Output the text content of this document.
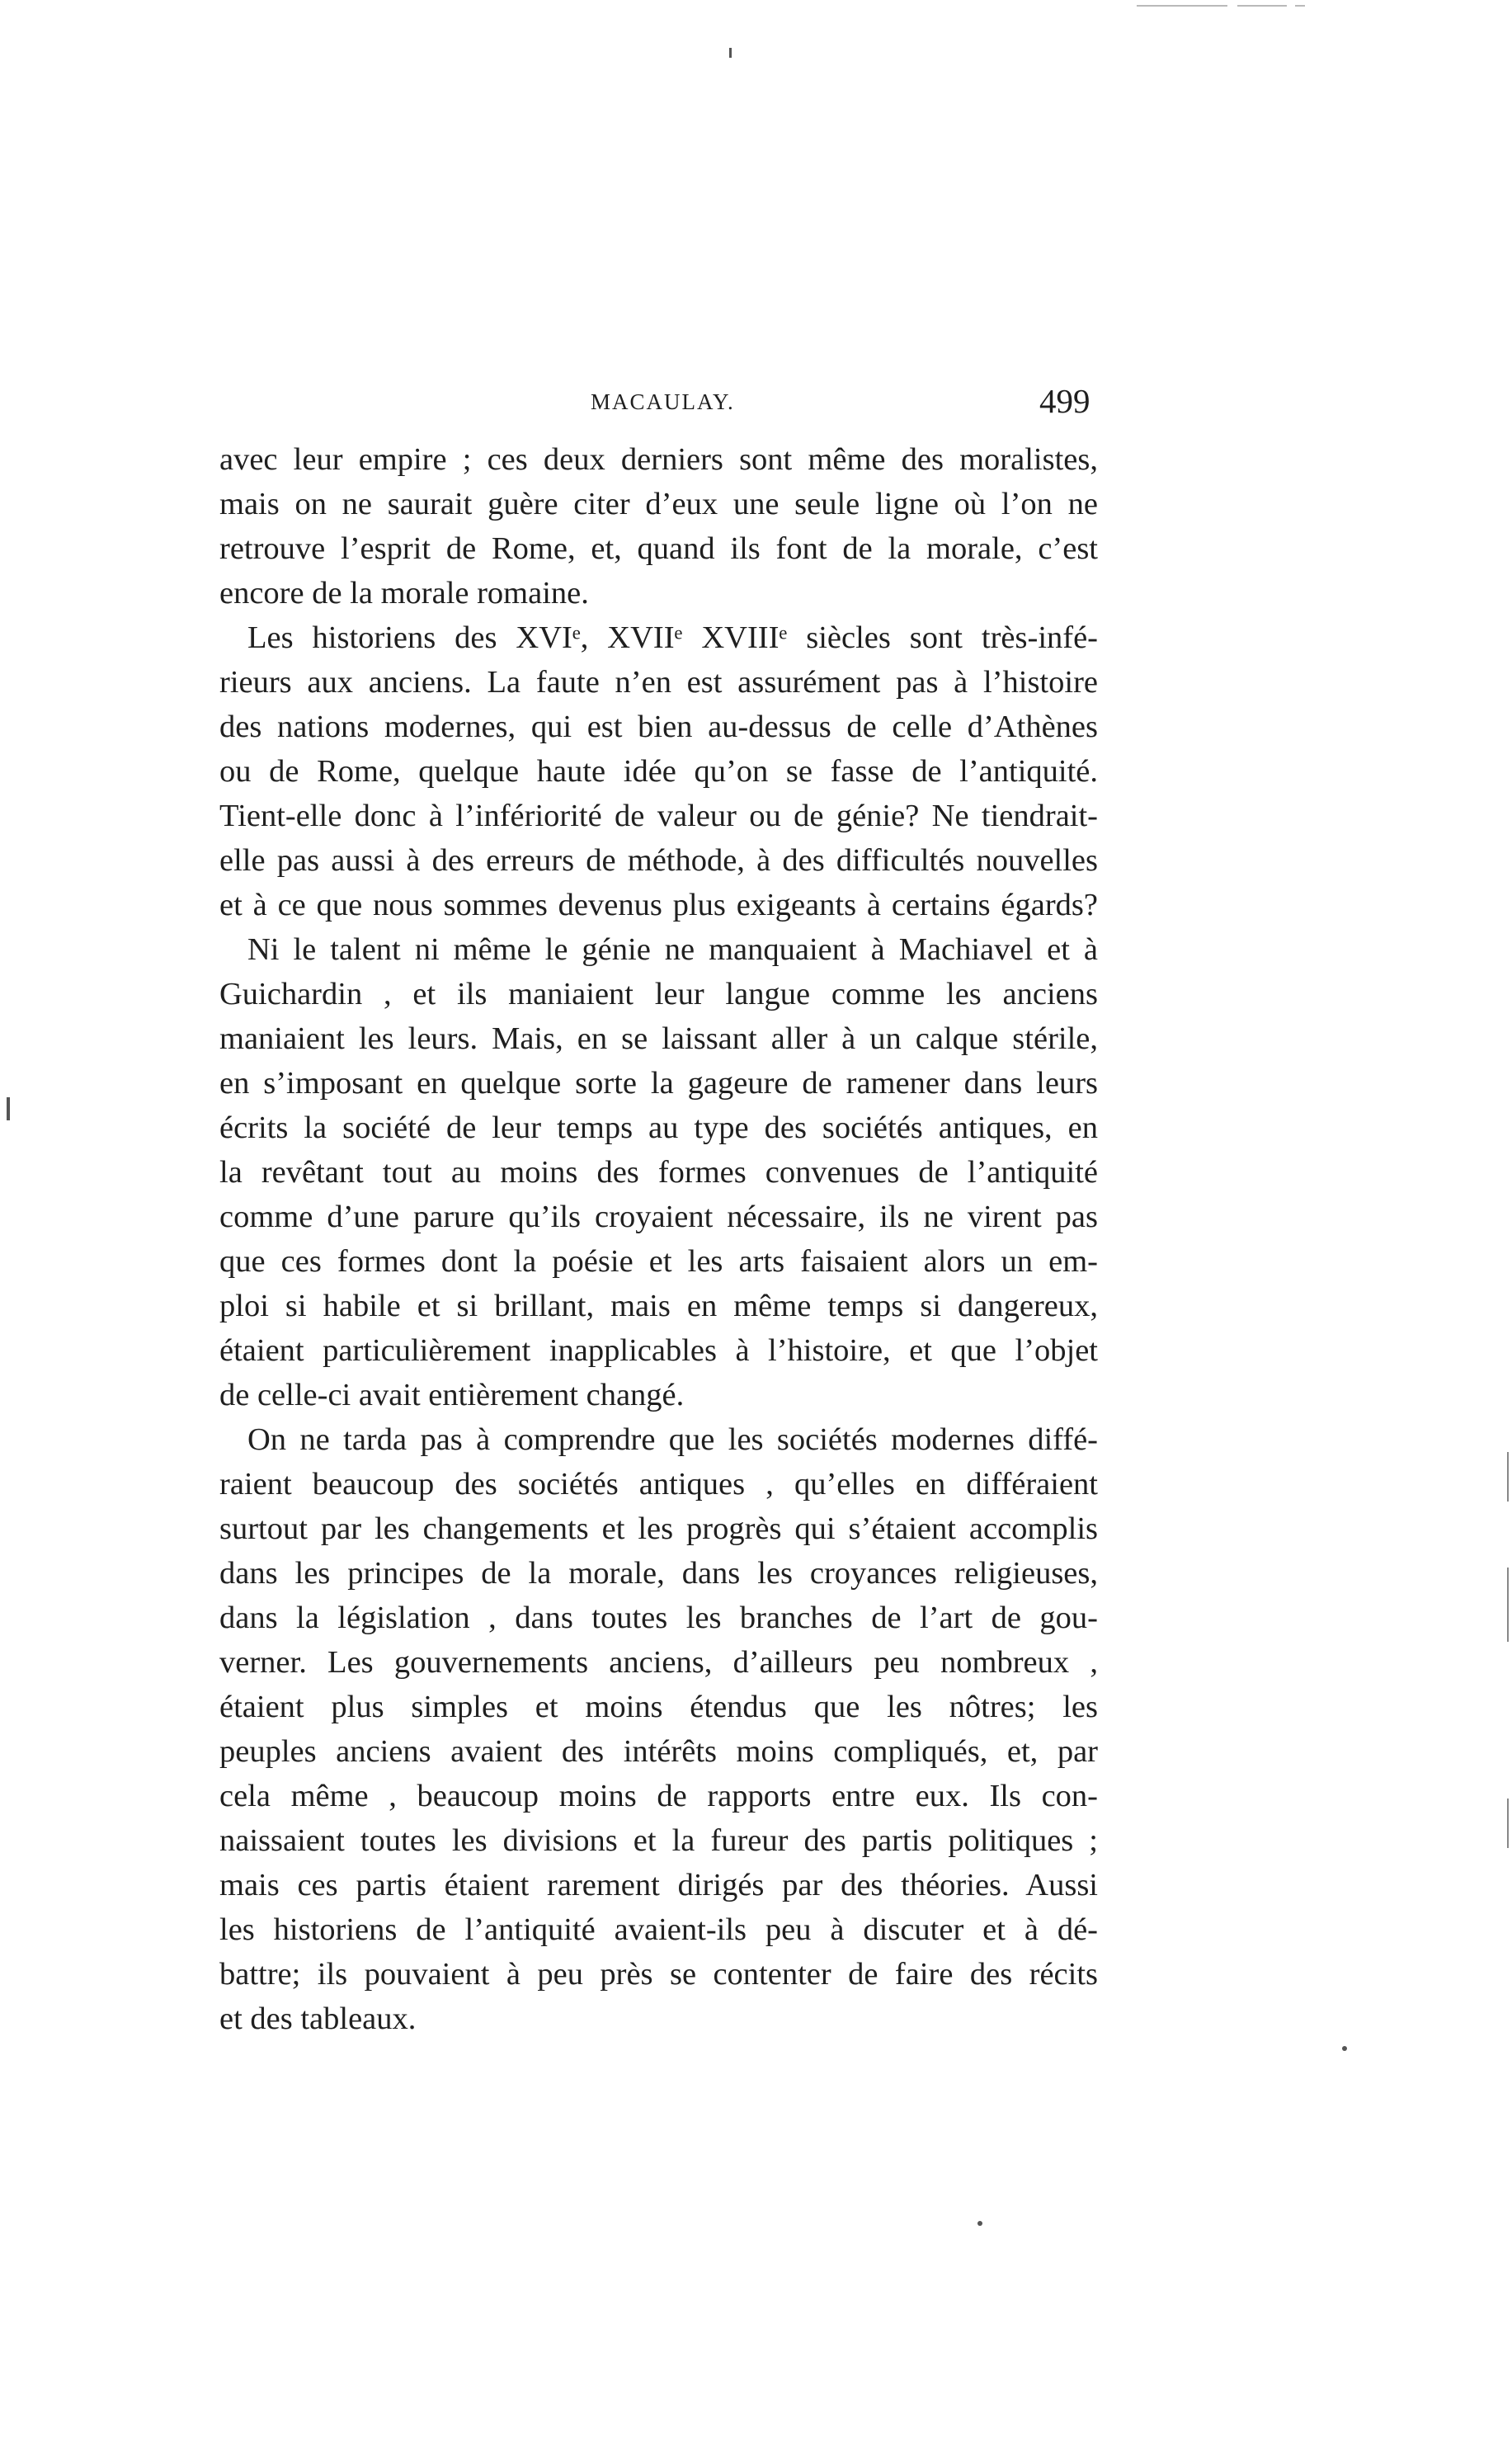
MACAULAY.	499
avec leur empire ; ces deux derniers sont même des moralistes,
mais on ne saurait guère citer d’eux une seule ligne où l’on ne
retrouve l’esprit de Rome, et, quand ils font de la morale, c’est
encore de la morale romaine.
Les historiens des XVIᵉ, XVIIᵉ XVIIIᵉ siècles sont très-infé-
rieurs aux anciens. La faute n’en est assurément pas à l’histoire
des nations modernes, qui est bien au-dessus de celle d’Athènes
ou de Rome, quelque haute idée qu’on se fasse de l’antiquité.
Tient-elle donc à l’infériorité de valeur ou de génie? Ne tiendrait-
elle pas aussi à des erreurs de méthode, à des difficultés nouvelles
et à ce que nous sommes devenus plus exigeants à certains égards?
Ni le talent ni même le génie ne manquaient à Machiavel et à
Guichardin , et ils maniaient leur langue comme les anciens
maniaient les leurs. Mais, en se laissant aller à un calque stérile,
en s’imposant en quelque sorte la gageure de ramener dans leurs
écrits la société de leur temps au type des sociétés antiques, en
la revêtant tout au moins des formes convenues de l’antiquité
comme d’une parure qu’ils croyaient nécessaire, ils ne virent pas
que ces formes dont la poésie et les arts faisaient alors un em-
ploi si habile et si brillant, mais en même temps si dangereux,
étaient particulièrement inapplicables à l’histoire, et que l’objet
de celle-ci avait entièrement changé.
On ne tarda pas à comprendre que les sociétés modernes diffé-
raient beaucoup des sociétés antiques , qu’elles en différaient
surtout par les changements et les progrès qui s’étaient accomplis
dans les principes de la morale, dans les croyances religieuses,
dans la législation , dans toutes les branches de l’art de gou-
verner. Les gouvernements anciens, d’ailleurs peu nombreux ,
étaient plus simples et moins étendus que les nôtres; les
peuples anciens avaient des intérêts moins compliqués, et, par
cela même , beaucoup moins de rapports entre eux. Ils con-
naissaient toutes les divisions et la fureur des partis politiques ;
mais ces partis étaient rarement dirigés par des théories. Aussi
les historiens de l’antiquité avaient-ils peu à discuter et à dé-
battre; ils pouvaient à peu près se contenter de faire des récits
et des tableaux.
